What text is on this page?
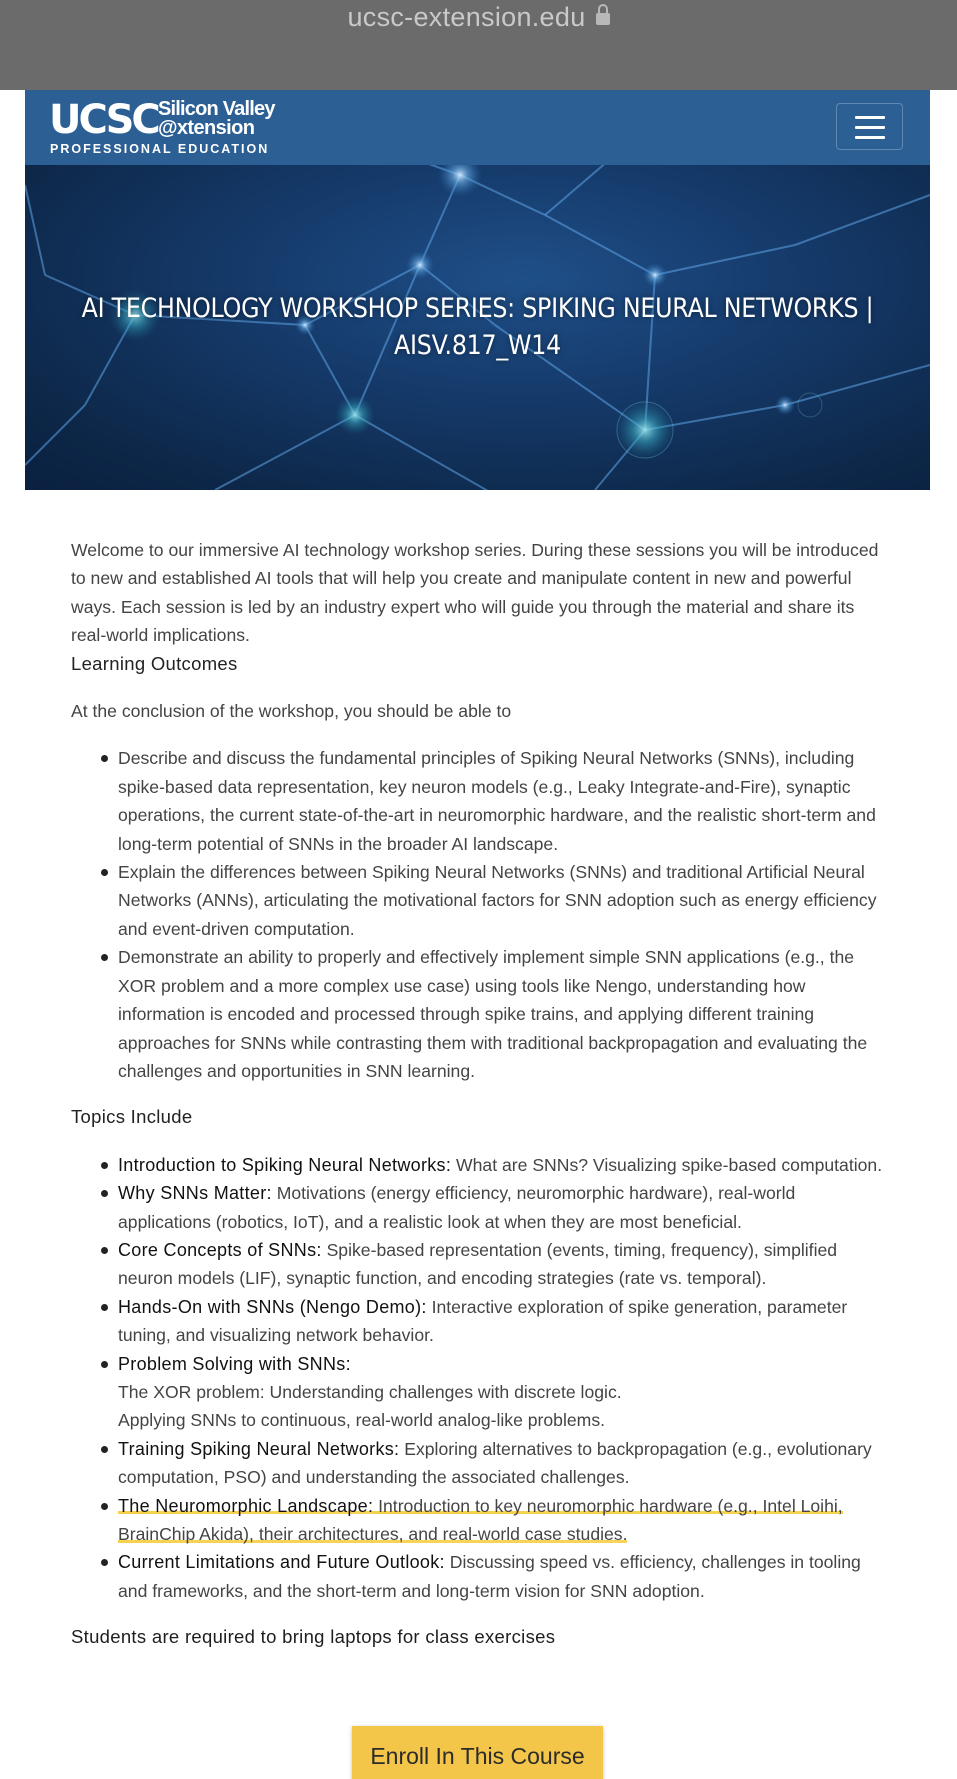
ucsc-extension.edu
UCSC Silicon Valley
@xtension
PROFESSIONAL EDUCATION
AI TECHNOLOGY WORKSHOP SERIES: SPIKING NEURAL NETWORKS |
AISV.817_W14

Welcome to our immersive AI technology workshop series. During these sessions you will be introduced to new and established AI tools that will help you create and manipulate content in new and powerful ways. Each session is led by an industry expert who will guide you through the material and share its real-world implications.

Learning Outcomes

At the conclusion of the workshop, you should be able to

Describe and discuss the fundamental principles of Spiking Neural Networks (SNNs), including spike-based data representation, key neuron models (e.g., Leaky Integrate-and-Fire), synaptic operations, the current state-of-the-art in neuromorphic hardware, and the realistic short-term and long-term potential of SNNs in the broader AI landscape.
Explain the differences between Spiking Neural Networks (SNNs) and traditional Artificial Neural Networks (ANNs), articulating the motivational factors for SNN adoption such as energy efficiency and event-driven computation.
Demonstrate an ability to properly and effectively implement simple SNN applications (e.g., the XOR problem and a more complex use case) using tools like Nengo, understanding how information is encoded and processed through spike trains, and applying different training approaches for SNNs while contrasting them with traditional backpropagation and evaluating the challenges and opportunities in SNN learning.
Topics Include
Introduction to Spiking Neural Networks: What are SNNs? Visualizing spike-based computation.
Why SNNs Matter: Motivations (energy efficiency, neuromorphic hardware), real-world applications (robotics, IoT), and a realistic look at when they are most beneficial.
Core Concepts of SNNs: Spike-based representation (events, timing, frequency), simplified neuron models (LIF), synaptic function, and encoding strategies (rate vs. temporal).
Hands-On with SNNs (Nengo Demo): Interactive exploration of spike generation, parameter tuning, and visualizing network behavior.
Problem Solving with SNNs:
The XOR problem: Understanding challenges with discrete logic.
Applying SNNs to continuous, real-world analog-like problems.
Training Spiking Neural Networks: Exploring alternatives to backpropagation (e.g., evolutionary computation, PSO) and understanding the associated challenges.
The Neuromorphic Landscape: Introduction to key neuromorphic hardware (e.g., Intel Loihi, BrainChip Akida), their architectures, and real-world case studies.
Current Limitations and Future Outlook: Discussing speed vs. efficiency, challenges in tooling and frameworks, and the short-term and long-term vision for SNN adoption.

Students are required to bring laptops for class exercises

Enroll In This Course
